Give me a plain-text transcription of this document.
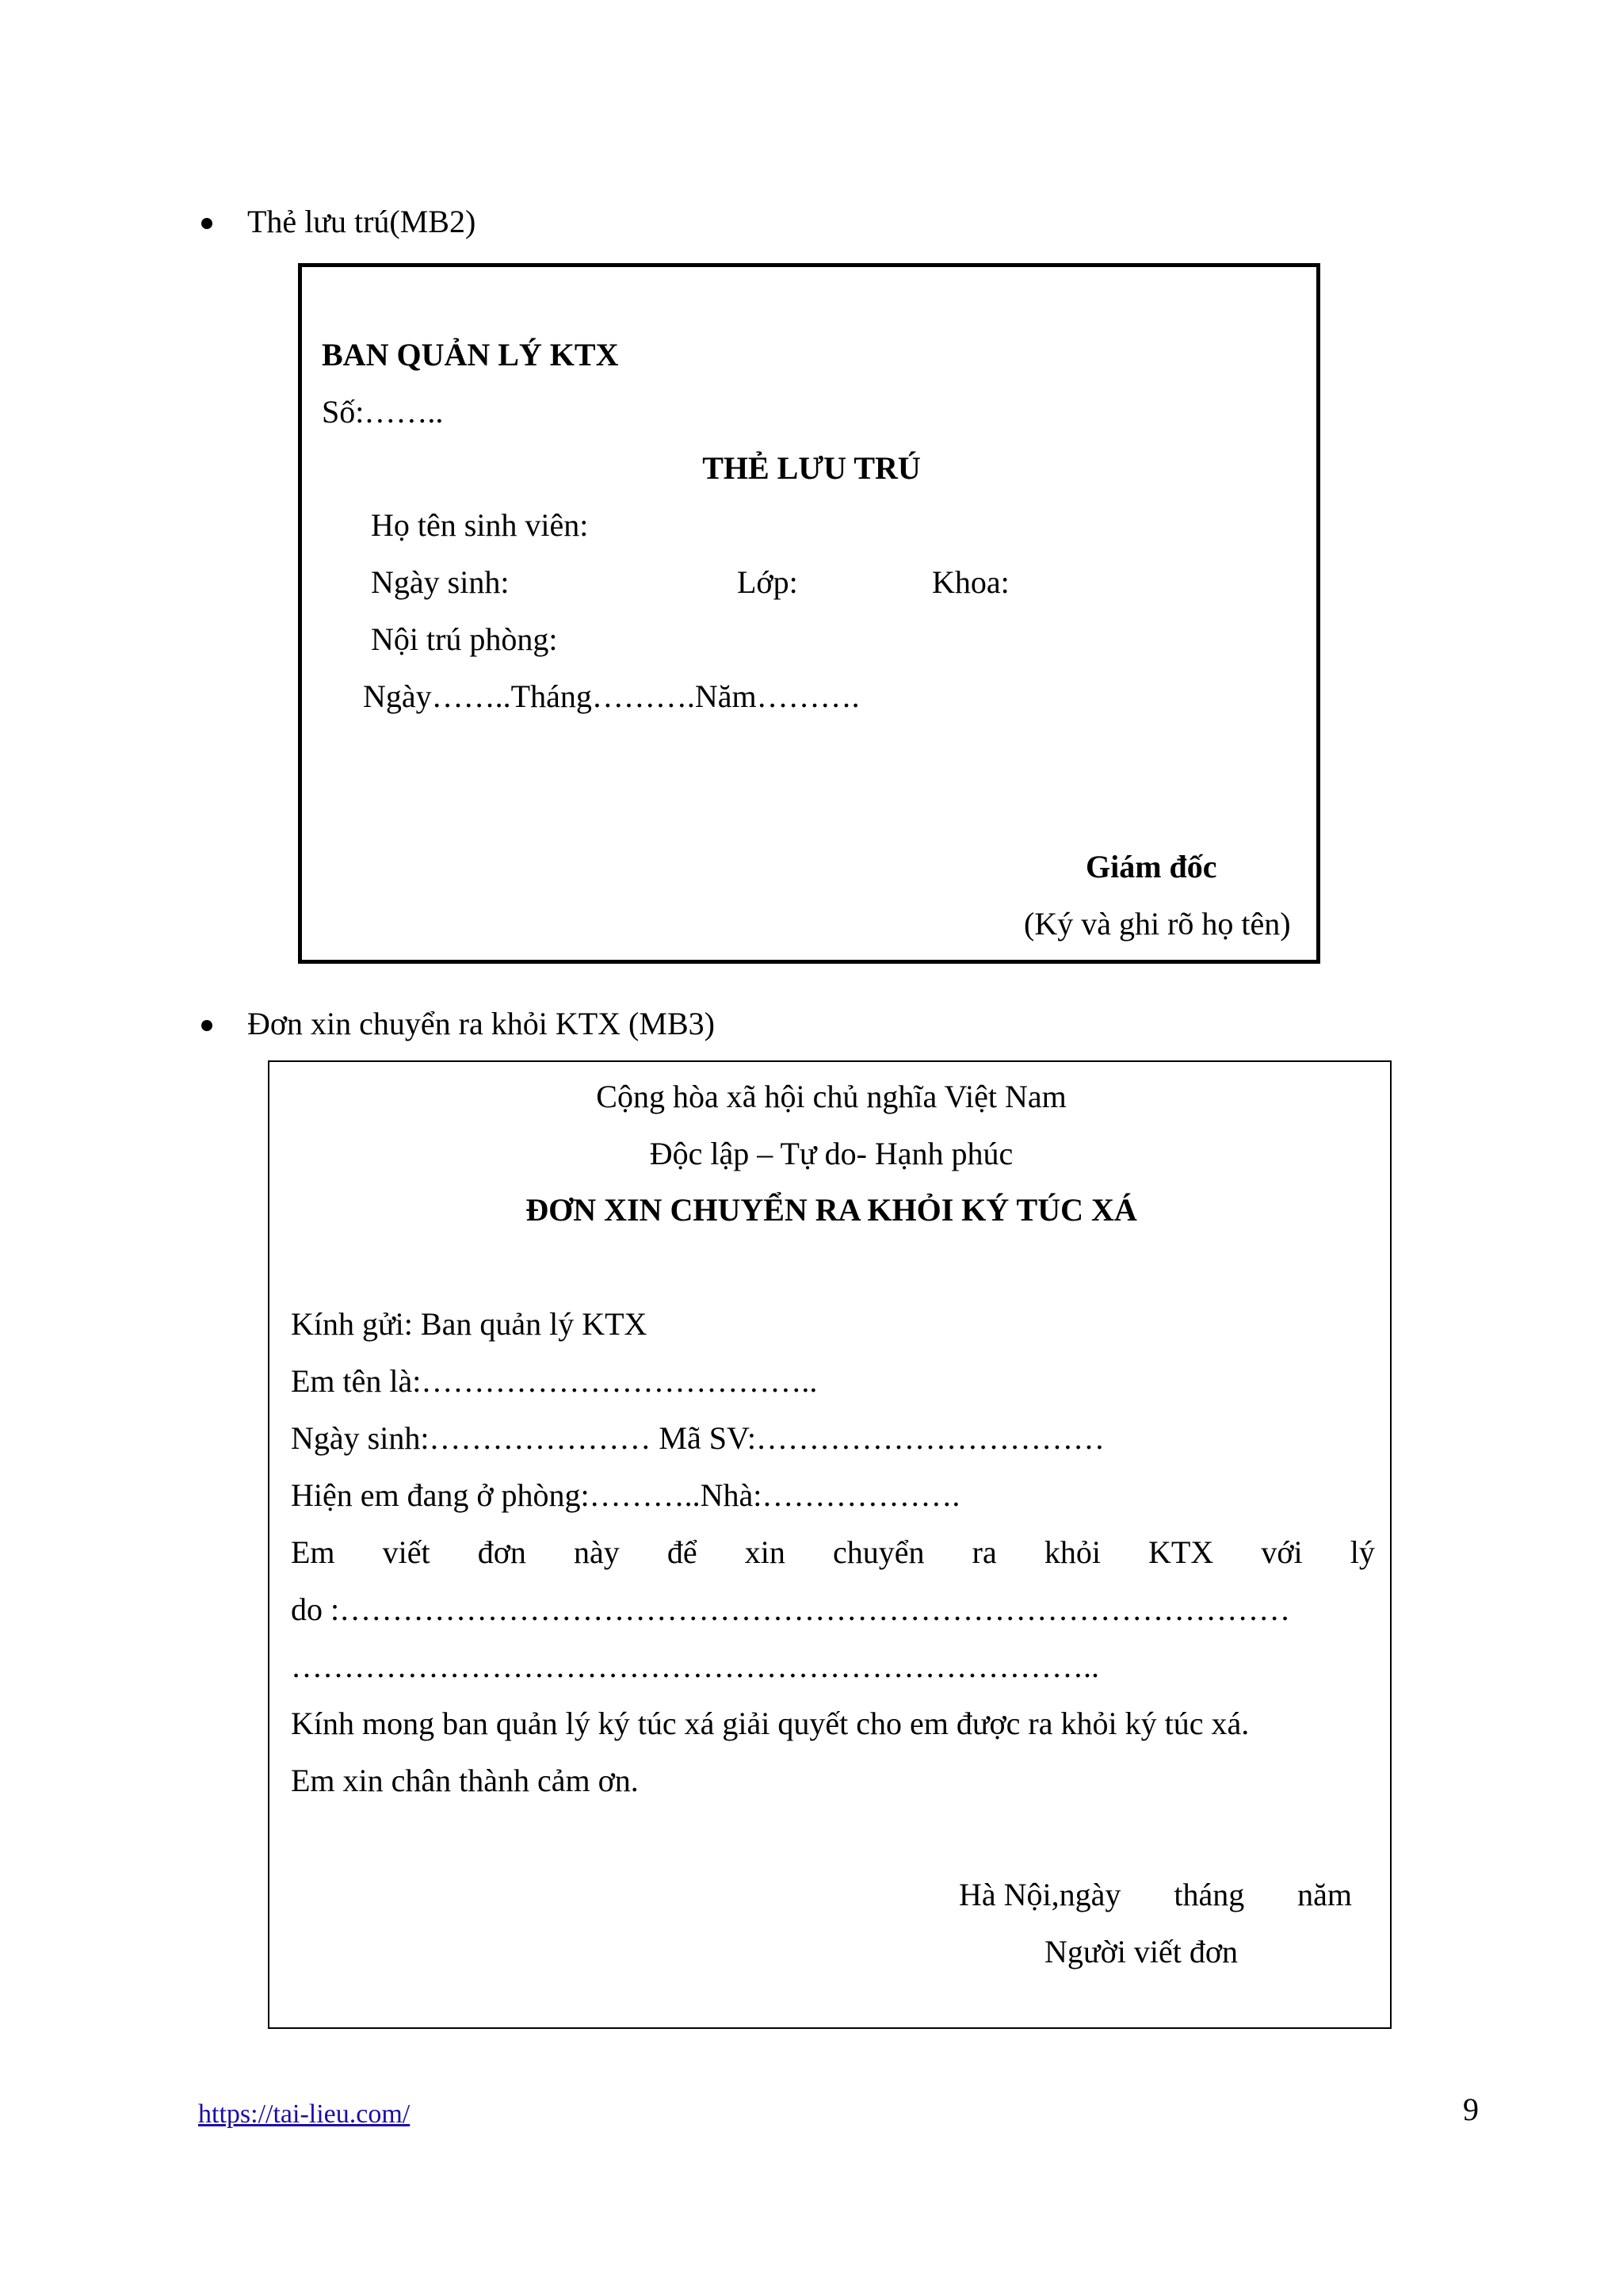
Thẻ lưu trú(MB2)
BAN QUẢN LÝ KTX
Số:……..
THẺ LƯU TRÚ
Họ tên sinh viên:
Ngày sinh:	Lớp:	Khoa:
Nội trú phòng:
Ngày……..Tháng……….Năm……….
Giám đốc
(Ký và ghi rõ họ tên)
Đơn xin chuyển ra khỏi KTX (MB3)
Cộng hòa xã hội chủ nghĩa Việt Nam
Độc lập – Tự do- Hạnh phúc
ĐƠN XIN CHUYỂN RA KHỎI KÝ TÚC XÁ
Kính gửi: Ban quản lý KTX
Em tên là:………………………………..
Ngày sinh:………………… Mã SV:……………………………
Hiện em đang ở phòng:………..Nhà:……………….
Em viết đơn này để xin chuyển ra khỏi KTX với lý
do :………………………………………………………………………………
…………………………………………………………………..
Kính mong ban quản lý ký túc xá giải quyết cho em được ra khỏi ký túc xá.
Em xin chân thành cảm ơn.
Hà Nội,ngày tháng năm
Người viết đơn
https://tai-lieu.com/	9
